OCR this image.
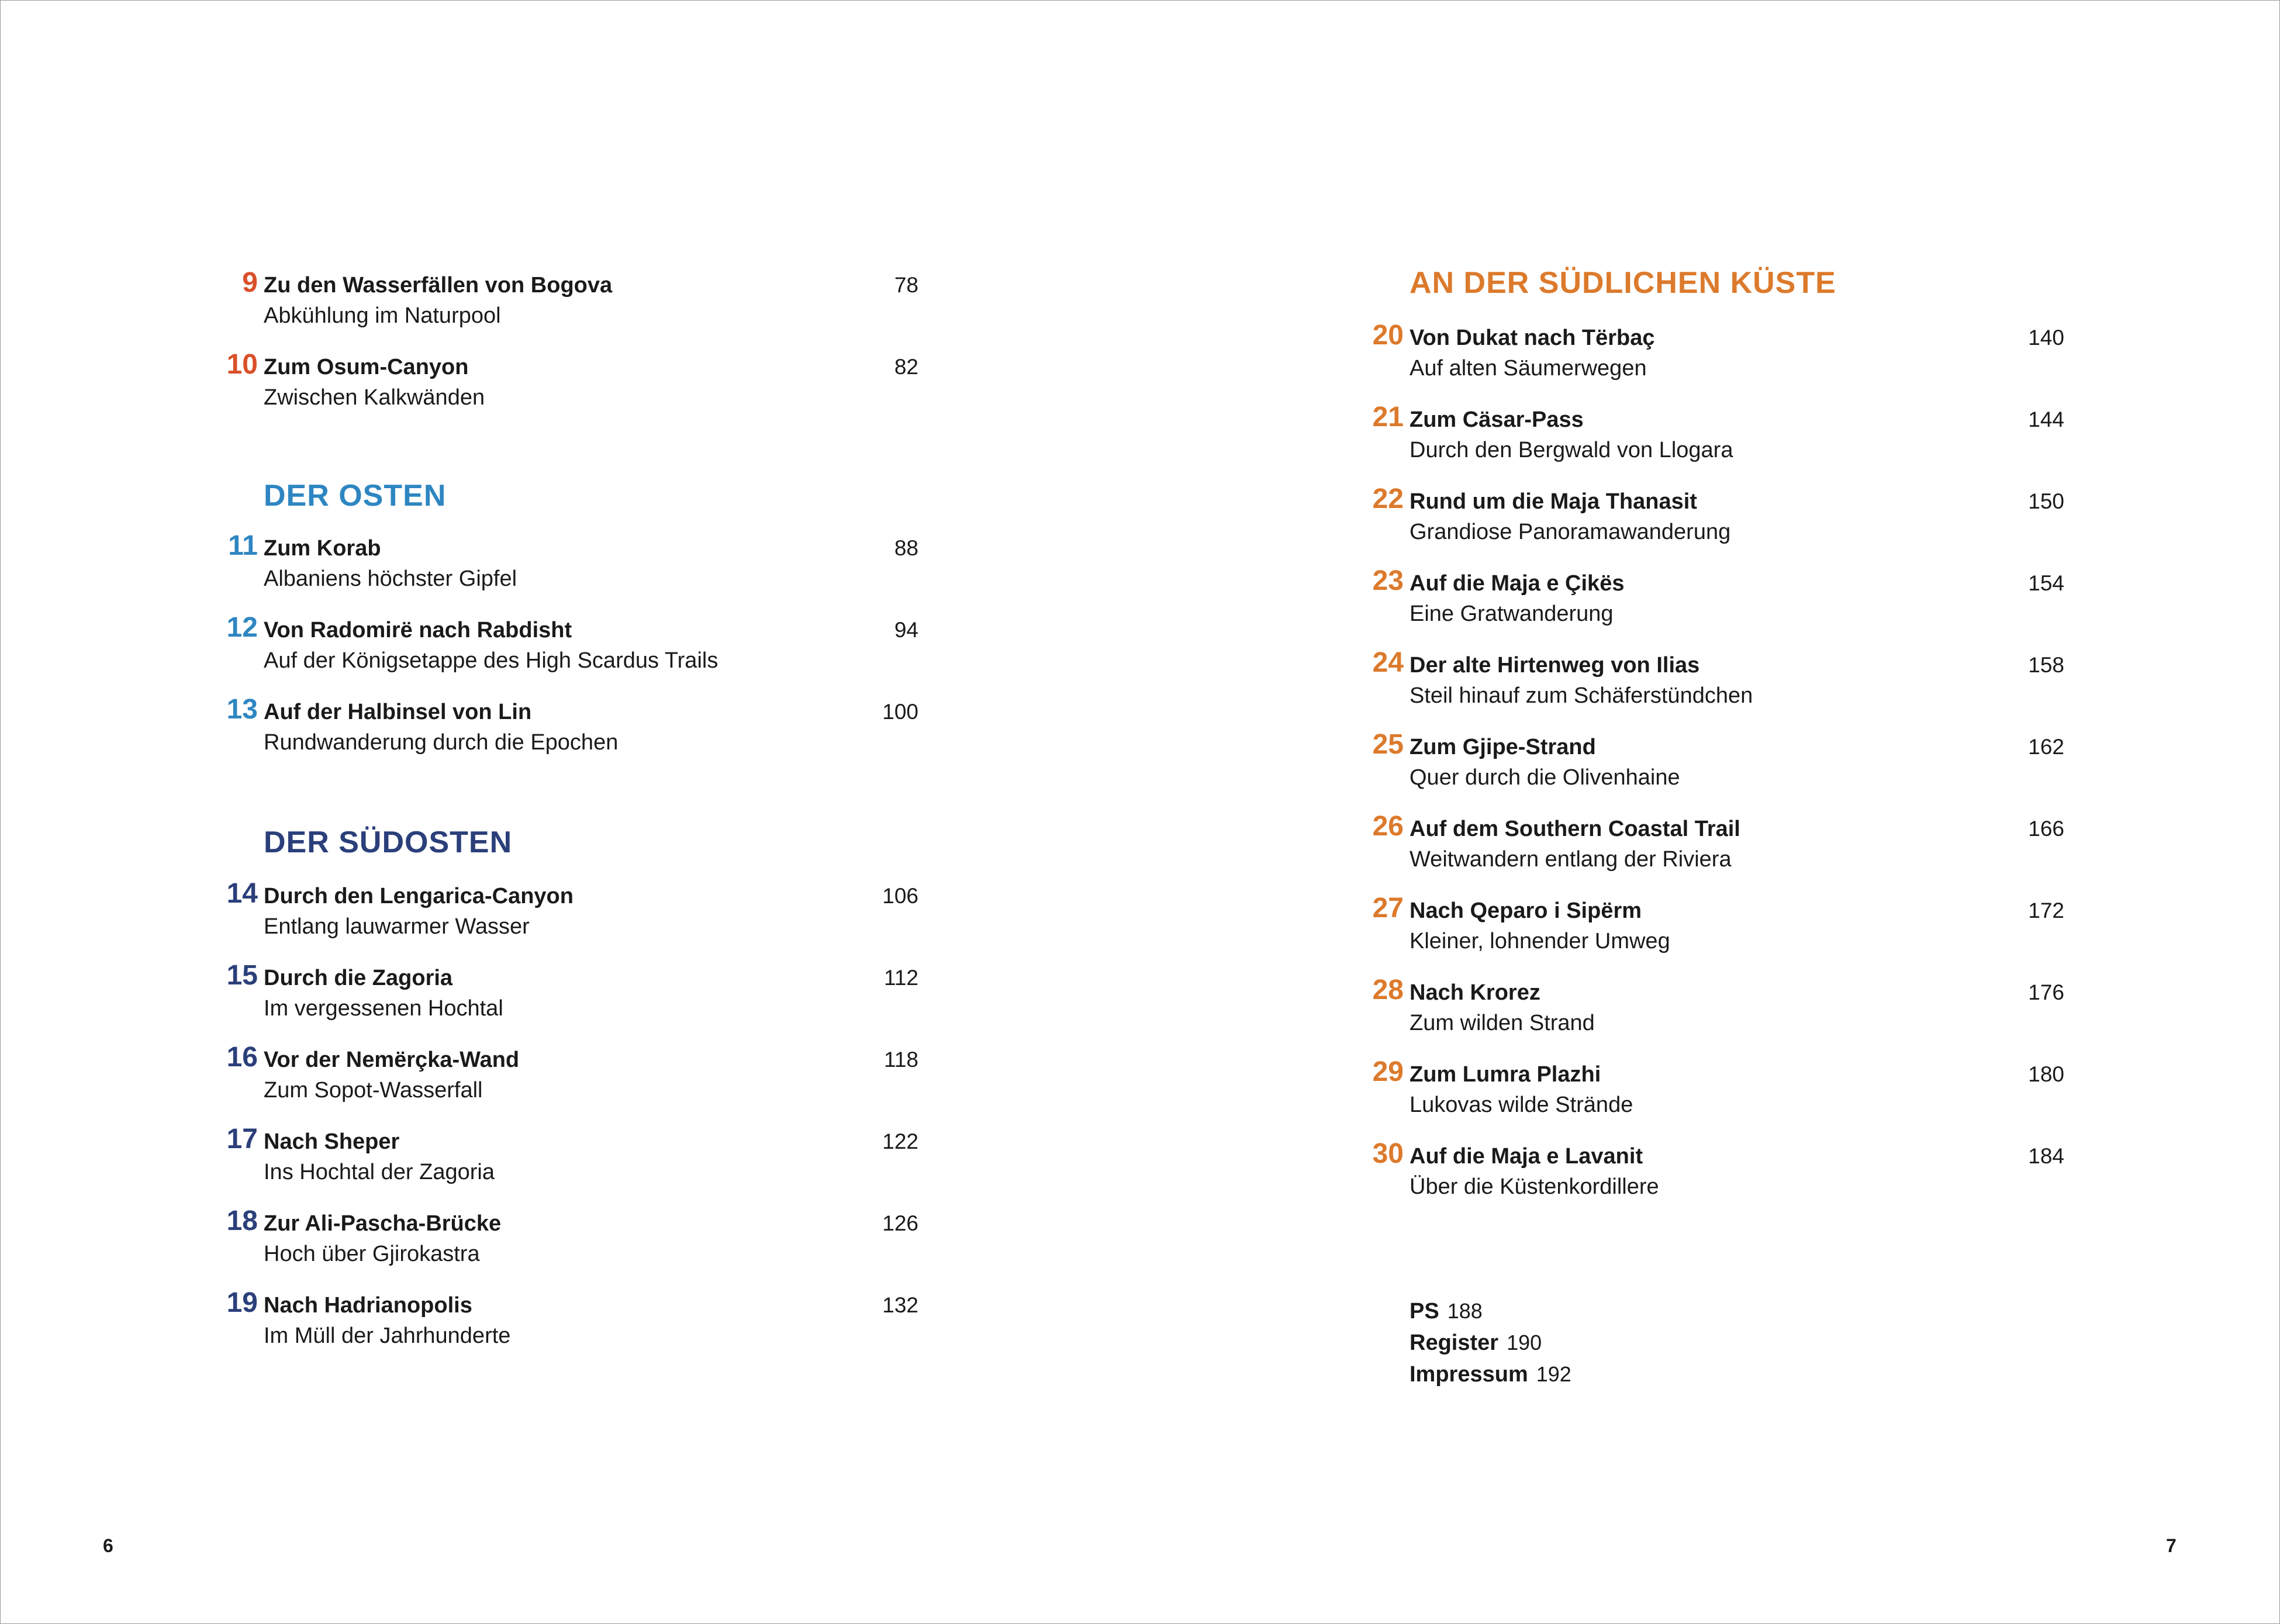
9 Zu den Wasserfällen von Bogova
Abkühlung im Naturpool
78
10 Zum Osum-Canyon
Zwischen Kalkwänden
82
DER OSTEN
11 Zum Korab
Albaniens höchster Gipfel
88
12 Von Radomirë nach Rabdisht
Auf der Königsetappe des High Scardus Trails
94
13 Auf der Halbinsel von Lin
Rundwanderung durch die Epochen
100
DER SÜDOSTEN
14 Durch den Lengarica-Canyon
Entlang lauwarmer Wasser
106
15 Durch die Zagoria
Im vergessenen Hochtal
112
16 Vor der Nemërçka-Wand
Zum Sopot-Wasserfall
118
17 Nach Sheper
Ins Hochtal der Zagoria
122
18 Zur Ali-Pascha-Brücke
Hoch über Gjirokastra
126
19 Nach Hadrianopolis
Im Müll der Jahrhunderte
132
AN DER SÜDLICHEN KÜSTE
20 Von Dukat nach Tërbaç
Auf alten Säumerwegen
140
21 Zum Cäsar-Pass
Durch den Bergwald von Llogara
144
22 Rund um die Maja Thanasit
Grandiose Panoramawanderung
150
23 Auf die Maja e Çikës
Eine Gratwanderung
154
24 Der alte Hirtenweg von Ilias
Steil hinauf zum Schäferstündchen
158
25 Zum Gjipe-Strand
Quer durch die Olivenhaine
162
26 Auf dem Southern Coastal Trail
Weitwandern entlang der Riviera
166
27 Nach Qeparo i Sipërm
Kleiner, lohnender Umweg
172
28 Nach Krorez
Zum wilden Strand
176
29 Zum Lumra Plazhi
Lukovas wilde Strände
180
30 Auf die Maja e Lavanit
Über die Küstenkordillere
184
PS 188
Register 190
Impressum 192
6	7
